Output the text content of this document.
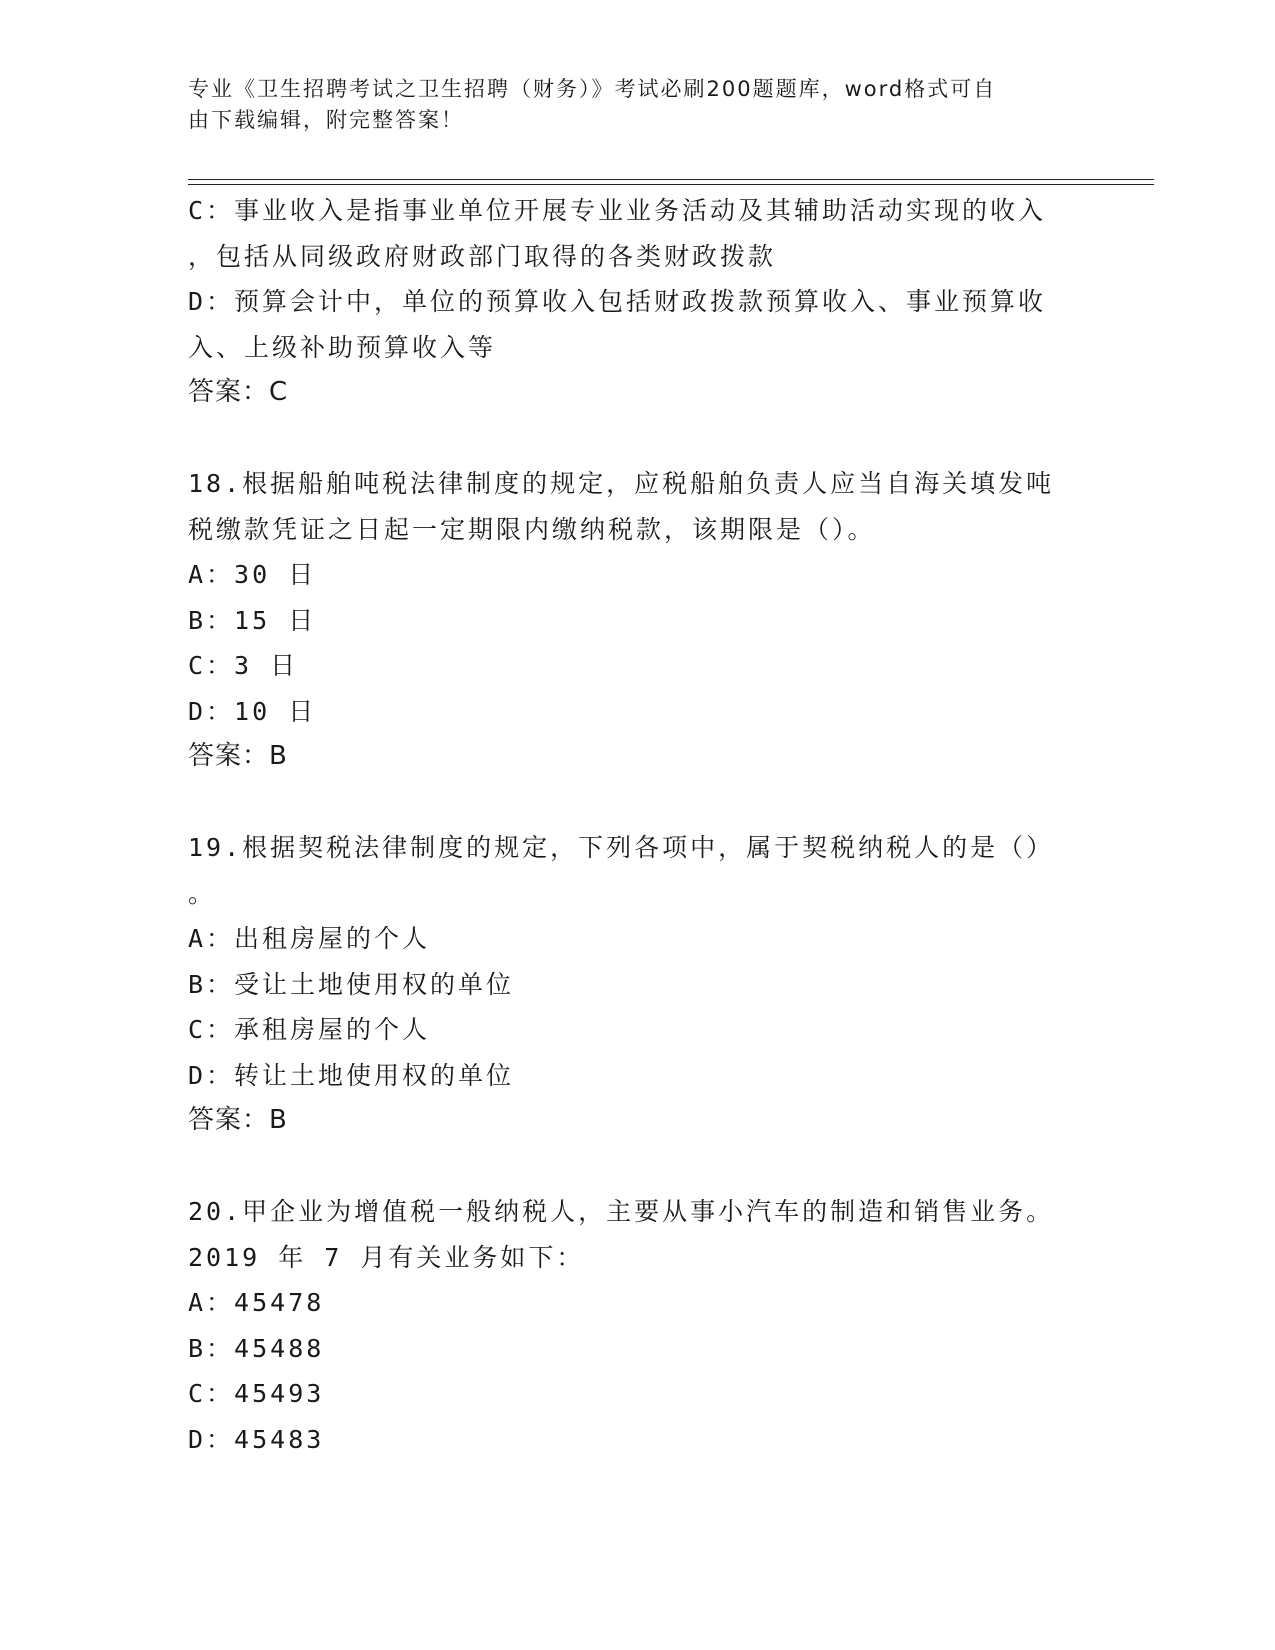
专业《卫生招聘考试之卫生招聘（财务）》考试必刷200题题库，word格式可自
由下载编辑，附完整答案！
C：事业收入是指事业单位开展专业业务活动及其辅助活动实现的收入
，包括从同级政府财政部门取得的各类财政拨款
D：预算会计中，单位的预算收入包括财政拨款预算收入、事业预算收
入、上级补助预算收入等
答案：C
18.根据船舶吨税法律制度的规定，应税船舶负责人应当自海关填发吨
税缴款凭证之日起一定期限内缴纳税款，该期限是（）。
A：30 日
B：15 日
C：3 日
D：10 日
答案：B
19.根据契税法律制度的规定，下列各项中，属于契税纳税人的是（）
。
A：出租房屋的个人
B：受让土地使用权的单位
C：承租房屋的个人
D：转让土地使用权的单位
答案：B
20.甲企业为增值税一般纳税人，主要从事小汽车的制造和销售业务。
2019 年 7 月有关业务如下：
A：45478
B：45488
C：45493
D：45483
